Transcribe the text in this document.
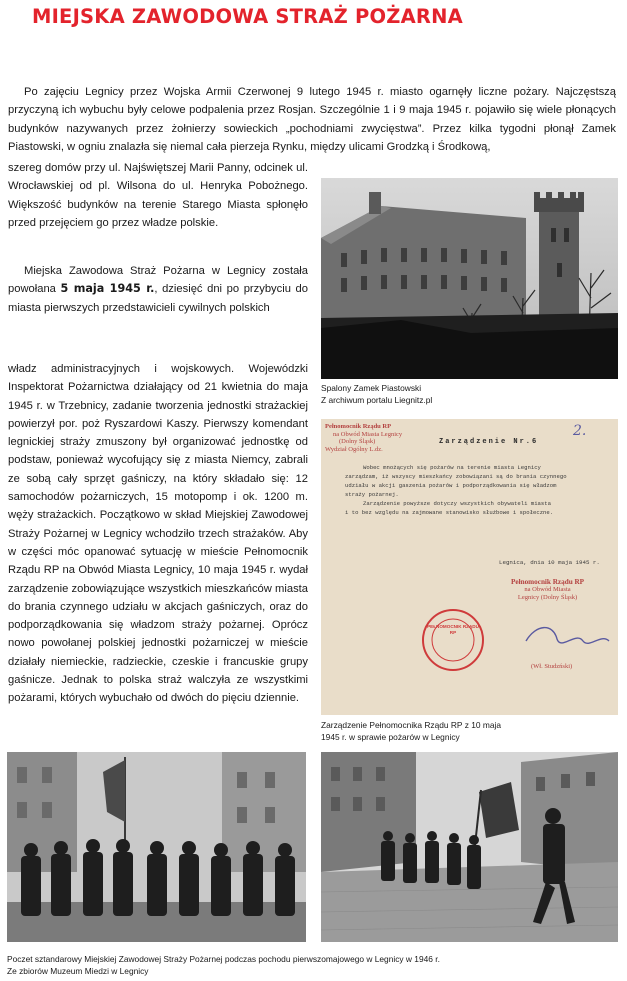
MIEJSKA ZAWODOWA STRAŻ POŻARNA

Po zajęciu Legnicy przez Wojska Armii Czerwonej 9 lutego 1945 r. miasto ogarnęły liczne pożary. Najczęstszą przyczyną ich wybuchu były celowe podpalenia przez Rosjan. Szczególnie 1 i 9 maja 1945 r. pojawiło się wiele płonących budynków nazywanych przez żołnierzy sowieckich „pochodniami zwycięstwa”. Przez kilka tygodni płonął Zamek Piastowski, w ogniu znalazła się niemal cała pierzeja Rynku, między ulicami Grodzką i Środkową,

szereg domów przy ul. Najświętszej Marii Panny, odcinek ul. Wrocławskiej od pl. Wilsona do ul. Henryka Pobożnego. Większość budynków na terenie Starego Miasta spłonęło przed przejęciem go przez władze polskie.

Miejska Zawodowa Straż Pożarna w Legnicy została powołana 5 maja 1945 r., dziesięć dni po przybyciu do miasta pierwszych przedstawicieli cywilnych polskich

władz administracyjnych i wojskowych. Wojewódzki Inspektorat Pożarnictwa działający od 21 kwietnia do maja 1945 r. w Trzebnicy, zadanie tworzenia jednostki strażackiej powierzył por. poż Ryszardowi Kaszy. Pierwszy komendant legnickiej straży zmuszony był organizować jednostkę od podstaw, ponieważ wycofujący się z miasta Niemcy, zabrali ze sobą cały sprzęt gaśniczy, na który składało się: 12 samochodów pożarniczych, 15 motopomp i ok. 1200 m. węży strażackich. Początkowo w skład Miejskiej Zawodowej Straży Pożarnej w Legnicy wchodziło trzech strażaków. Aby w części móc opanować sytuację w mieście Pełnomocnik Rządu RP na Obwód Miasta Legnicy, 10 maja 1945 r. wydał zarządzenie zobowiązujące wszystkich mieszkańców miasta do brania czynnego udziału w akcjach gaśniczych, oraz do podporządkowania się władzom straży pożarnej. Oprócz nowo powołanej polskiej jednostki pożarniczej w mieście działały niemieckie, radzieckie, czeskie i francuskie grupy gaśnicze. Jednak to polska straż walczyła ze wszystkimi pożarami, których wybuchało od dwóch do pięciu dziennie.

Spalony Zamek Piastowski
Z archiwum portalu Liegnitz.pl
Pełnomocnik Rządu RP
na Obwód Miasta Legnicy
(Dolny Śląsk)
Wydział Ogólny L.dz.
Zarządzenie Nr.6
2.
Wobec mnożących się pożarów na terenie miasta Legnicy
zarządzam, iż wszyscy mieszkańcy zobowiązani są do brania czynnego
udziału w akcji gaszenia pożarów i podporządkowania się władzom
straży pożarnej.
Zarządzenie powyższe dotyczy wszystkich obywateli miasta
i to bez względu na zajmowane stanowisko służbowe i społeczne.
Legnica, dnia 10 maja 1945 r.
Pełnomocnik Rządu RP
na Obwód Miasta
Legnicy (Dolny Śląsk)
(Wł. Studzński)
PEŁNOMOCNIK RZĄDU RP
Zarządzenie Pełnomocnika Rządu RP z 10 maja
1945 r. w sprawie pożarów w Legnicy
Poczet sztandarowy Miejskiej Zawodowej Straży Pożarnej podczas pochodu pierwszomajowego w Legnicy w 1946 r.
Ze zbiorów Muzeum Miedzi w Legnicy
